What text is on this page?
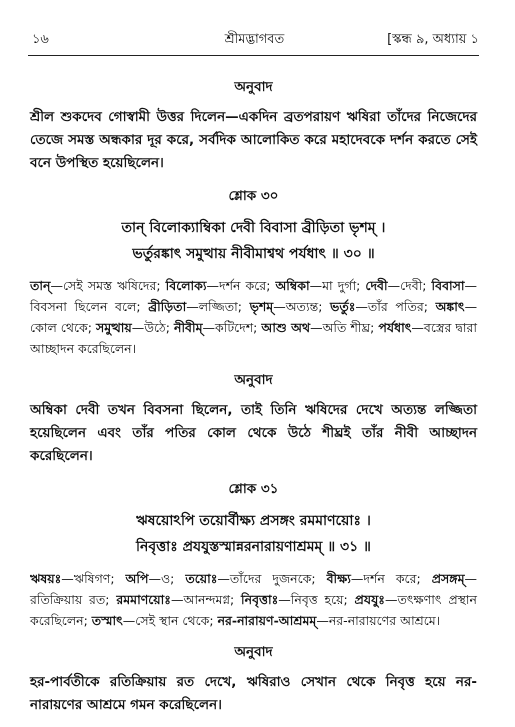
১৬	শ্রীমদ্ভাগবত	[স্কন্ধ ৯, অধ্যায় ১
অনুবাদ
শ্রীল শুকদেব গোস্বামী উত্তর দিলেন—একদিন ব্রতপরায়ণ ঋষিরা তাঁদের নিজেদের তেজে সমস্ত অন্ধকার দূর করে, সর্বদিক আলোকিত করে মহাদেবকে দর্শন করতে সেই বনে উপস্থিত হয়েছিলেন।
শ্লোক ৩০
তান্ বিলোক্যাম্বিকা দেবী বিবাসা ব্রীড়িতা ভৃশম্ ।
ভর্তুরঙ্কাৎ সমুত্থায় নীবীমাশ্বথ পর্যধাৎ ॥ ৩০ ॥
তান্—সেই সমস্ত ঋষিদের; বিলোক্য—দর্শন করে; অম্বিকা—মা দুর্গা; দেবী—দেবী; বিবাসা—বিবসনা ছিলেন বলে; ব্রীড়িতা—লজ্জিতা; ভৃশম্—অত্যন্ত; ভর্তুঃ—তাঁর পতির; অঙ্কাৎ—কোল থেকে; সমুত্থায়—উঠে; নীবীম্—কটিদেশ; আশু অথ—অতি শীঘ্র; পর্যধাৎ—বস্ত্রের দ্বারা আচ্ছাদন করেছিলেন।
অনুবাদ
অম্বিকা দেবী তখন বিবসনা ছিলেন, তাই তিনি ঋষিদের দেখে অত্যন্ত লজ্জিতা হয়েছিলেন এবং তাঁর পতির কোল থেকে উঠে শীঘ্রই তাঁর নীবী আচ্ছাদন করেছিলেন।
শ্লোক ৩১
ঋষয়োঽপি তয়োর্বীক্ষ্য প্রসঙ্গং রমমাণয়োঃ ।
নিবৃত্তাঃ প্রযযুস্তস্মান্নরনারায়ণাশ্রমম্ ॥ ৩১ ॥
ঋষয়ঃ—ঋষিগণ; অপি—ও; তয়োঃ—তাঁদের দুজনকে; বীক্ষ্য—দর্শন করে; প্রসঙ্গম্—রতিক্রিয়ায় রত; রমমাণয়োঃ—আনন্দমগ্ন; নিবৃত্তাঃ—নিবৃত্ত হয়ে; প্রযযুঃ—তৎক্ষণাৎ প্রস্থান করেছিলেন; তস্মাৎ—সেই স্থান থেকে; নর-নারায়ণ-আশ্রমম্—নর-নারায়ণের আশ্রমে।
অনুবাদ
হর-পার্বতীকে রতিক্রিয়ায় রত দেখে, ঋষিরাও সেখান থেকে নিবৃত্ত হয়ে নর-নারায়ণের আশ্রমে গমন করেছিলেন।
